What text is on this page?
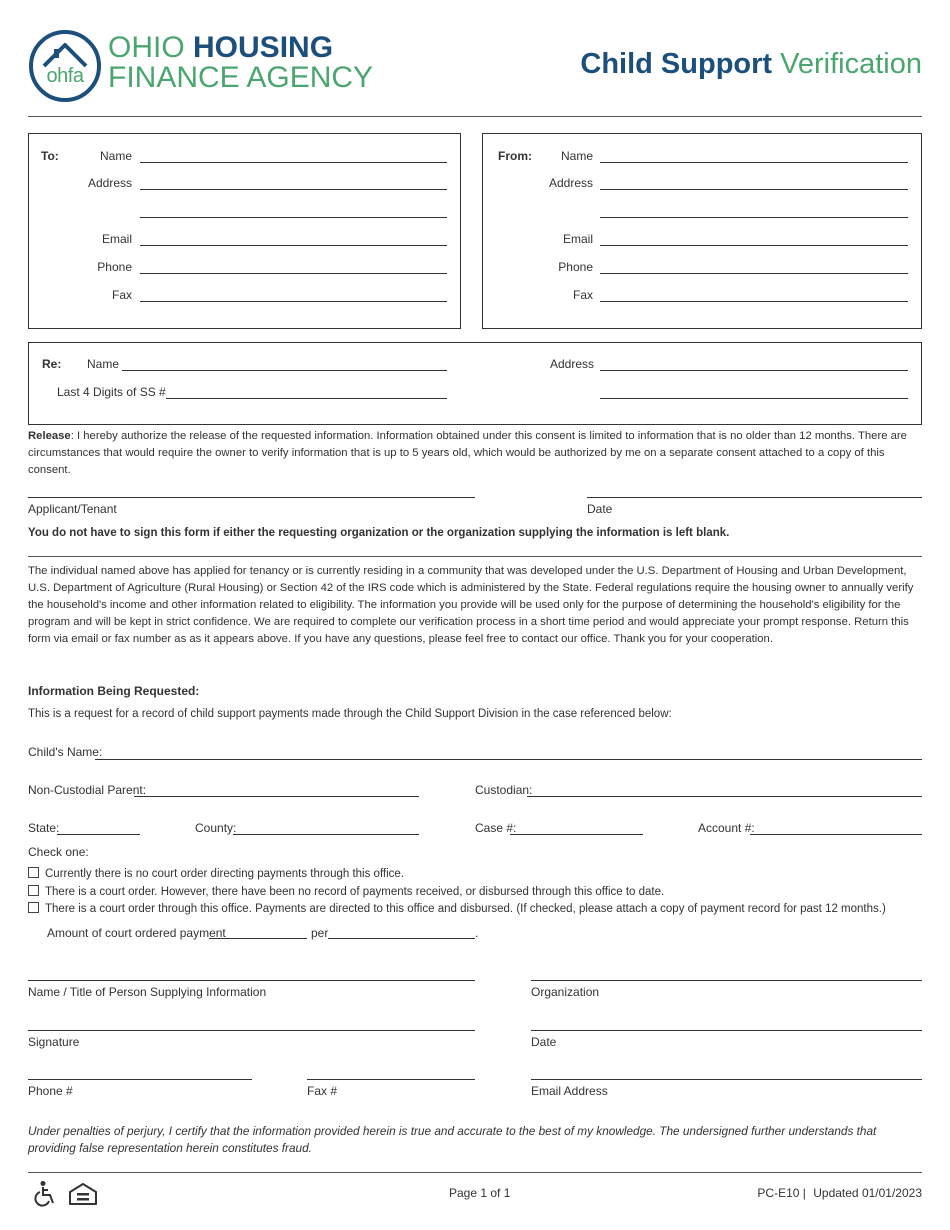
ohfa
OHIO HOUSING
FINANCE AGENCY	Child Support Verification
To:	Name
Address
Email
Phone
Fax
From: Name
Address
Email
Phone
Fax
Re: Name
Last 4 Digits of SS #
Address
Release: I hereby authorize the release of the requested information. Information obtained under this consent is limited to information that is no older than 12 months. There are circumstances that would require the owner to verify information that is up to 5 years old, which would be authorized by me on a separate consent attached to a copy of this consent.
Applicant/Tenant	Date
You do not have to sign this form if either the requesting organization or the organization supplying the information is left blank.
The individual named above has applied for tenancy or is currently residing in a community that was developed under the U.S. Department of Housing and Urban Development, U.S. Department of Agriculture (Rural Housing) or Section 42 of the IRS code which is administered by the State. Federal regulations require the housing owner to annually verify the household's income and other information related to eligibility. The information you provide will be used only for the purpose of determining the household's eligibility for the program and will be kept in strict confidence. We are required to complete our verification process in a short time period and would appreciate your prompt response. Return this form via email or fax number as as it appears above. If you have any questions, please feel free to contact our office. Thank you for your cooperation.
Information Being Requested:
This is a request for a record of child support payments made through the Child Support Division in the case referenced below:
Child's Name:
Non-Custodial Parent:	Custodian:
State:	County:	Case #:	Account #:
Check one:
Currently there is no court order directing payments through this office.
There is a court order. However, there have been no record of payments received, or disbursed through this office to date.
There is a court order through this office. Payments are directed to this office and disbursed. (If checked, please attach a copy of payment record for past 12 months.)
Amount of court ordered payment	per	.
Name / Title of Person Supplying Information	Organization
Signature	Date
Phone #	Fax #	Email Address
Under penalties of perjury, I certify that the information provided herein is true and accurate to the best of my knowledge. The undersigned further understands that providing false representation herein constitutes fraud.
Page 1 of 1	PC-E10 | Updated 01/01/2023
